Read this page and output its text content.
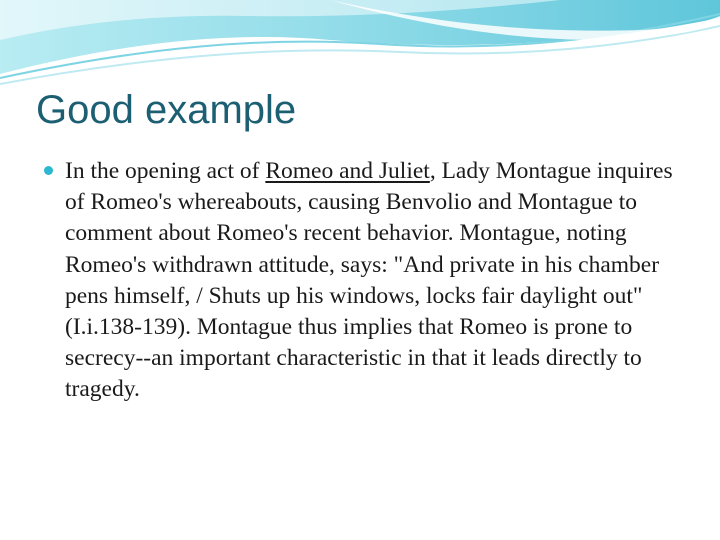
Good example
In the opening act of Romeo and Juliet, Lady Montague inquires of Romeo's whereabouts, causing Benvolio and Montague to comment about Romeo's recent behavior. Montague, noting Romeo's withdrawn attitude, says: "And private in his chamber pens himself, / Shuts up his windows, locks fair daylight out" (I.i.138-139). Montague thus implies that Romeo is prone to secrecy--an important characteristic in that it leads directly to tragedy.
